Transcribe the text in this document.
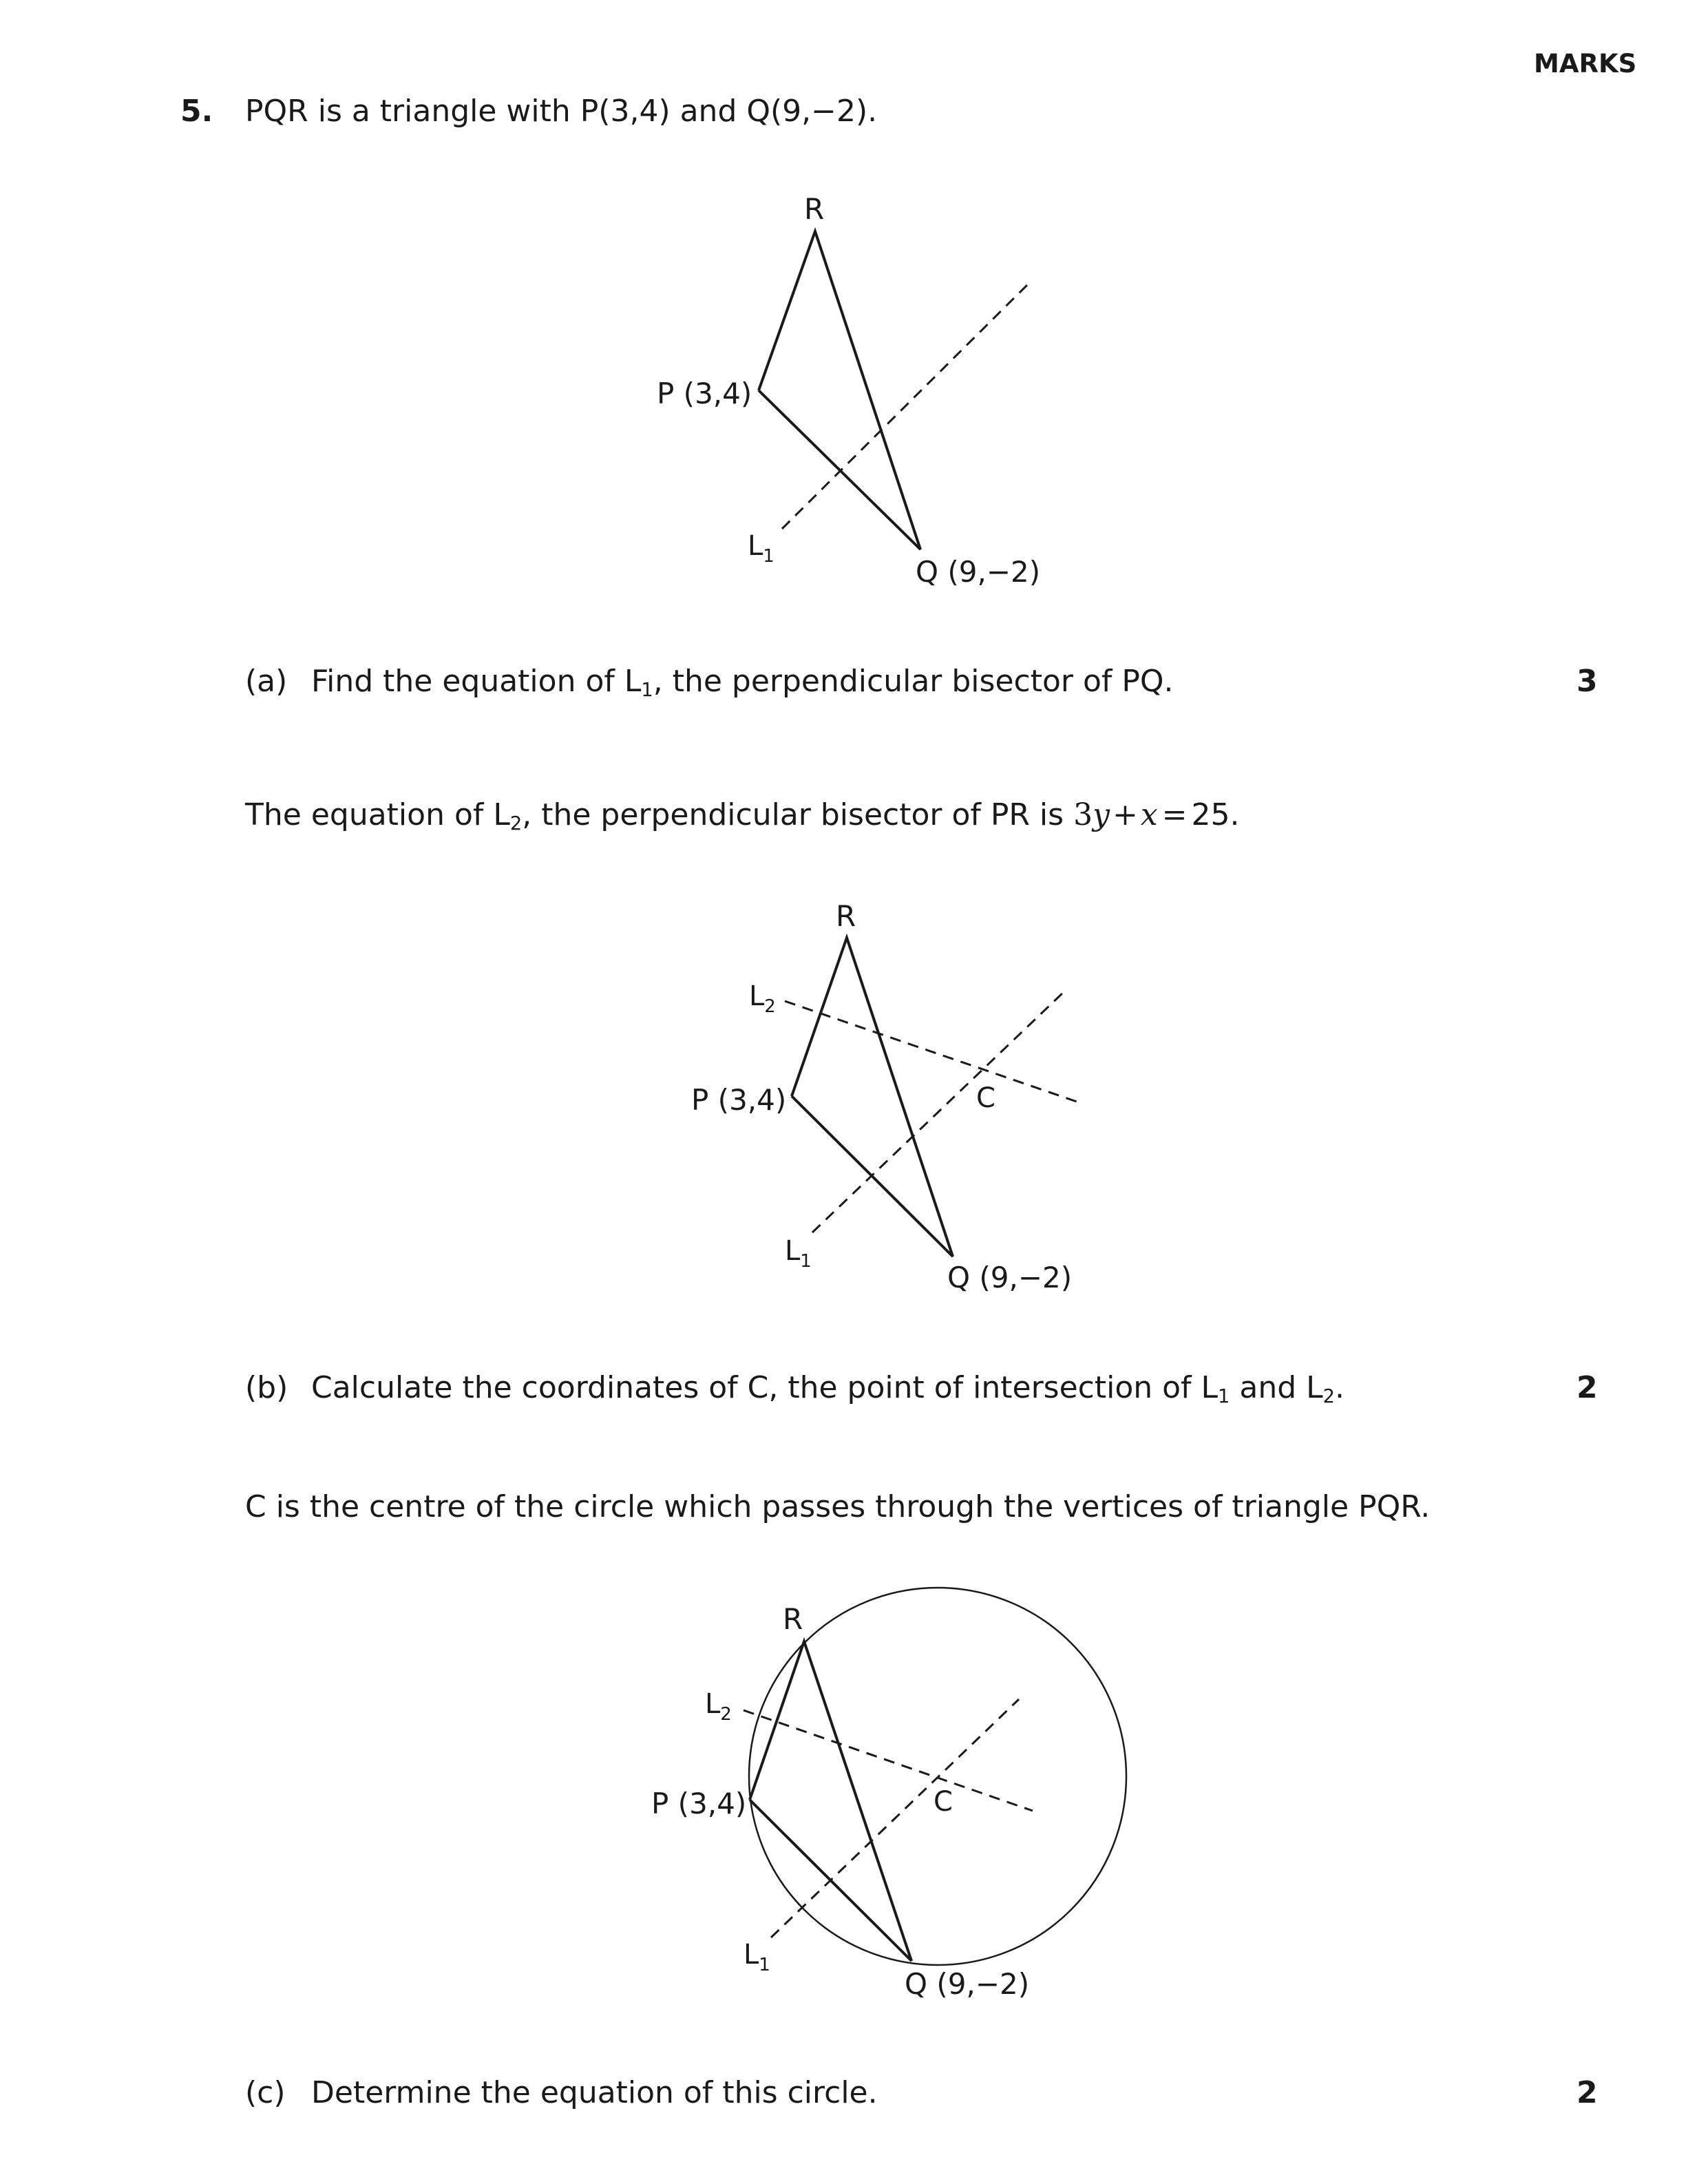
MARKS
5. PQR is a triangle with P(3,4) and Q(9,−2).
R
P (3,4)
Q (9,−2)
$L_1$
(a) Find the equation of $L_1$, the perpendicular bisector of PQ.	3
The equation of $L_2$, the perpendicular bisector of PR is 3y+x = 25.
R
P (3,4)
Q (9,−2)
C
$L_1$
$L_2$
(b) Calculate the coordinates of C, the point of intersection of $L_1$ and $L_2$.	2
C is the centre of the circle which passes through the vertices of triangle PQR.
R
P (3,4)
Q (9,−2)
C
$L_1$
$L_2$
(c) Determine the equation of this circle.	2
